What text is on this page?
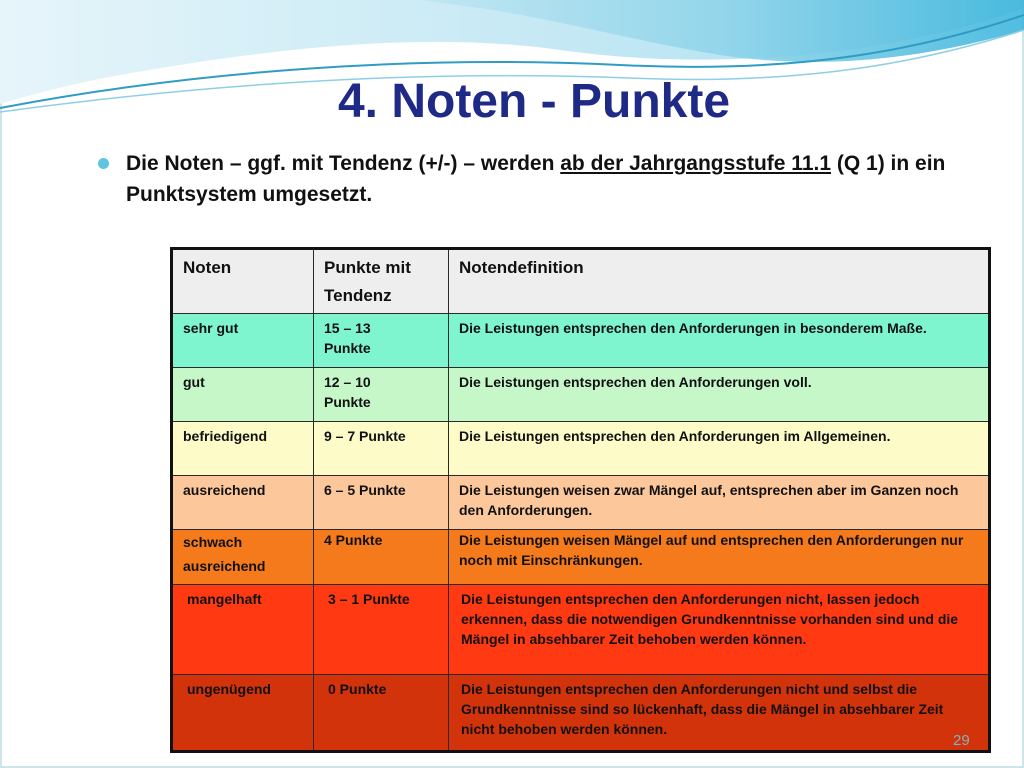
4. Noten - Punkte
Die Noten – ggf. mit Tendenz (+/-) – werden ab der Jahrgangsstufe 11.1 (Q 1) in ein Punktsystem umgesetzt.
Noten	Punkte mit Tendenz	Notendefinition
sehr gut	15 – 13 Punkte	Die Leistungen entsprechen den Anforderungen in besonderem Maße.
gut	12 – 10 Punkte	Die Leistungen entsprechen den Anforderungen voll.
befriedigend	9 – 7 Punkte	Die Leistungen entsprechen den Anforderungen im Allgemeinen.
ausreichend	6 – 5 Punkte	Die Leistungen weisen zwar Mängel auf, entsprechen aber im Ganzen noch den Anforderungen.
schwach ausreichend	4 Punkte	Die Leistungen weisen Mängel auf und entsprechen den Anforderungen nur noch mit Einschränkungen.
mangelhaft	3 – 1 Punkte	Die Leistungen entsprechen den Anforderungen nicht, lassen jedoch erkennen, dass die notwendigen Grundkenntnisse vorhanden sind und die Mängel in absehbarer Zeit behoben werden können.
ungenügend	0 Punkte	Die Leistungen entsprechen den Anforderungen nicht und selbst die Grundkenntnisse sind so lückenhaft, dass die Mängel in absehbarer Zeit nicht behoben werden können.
29
